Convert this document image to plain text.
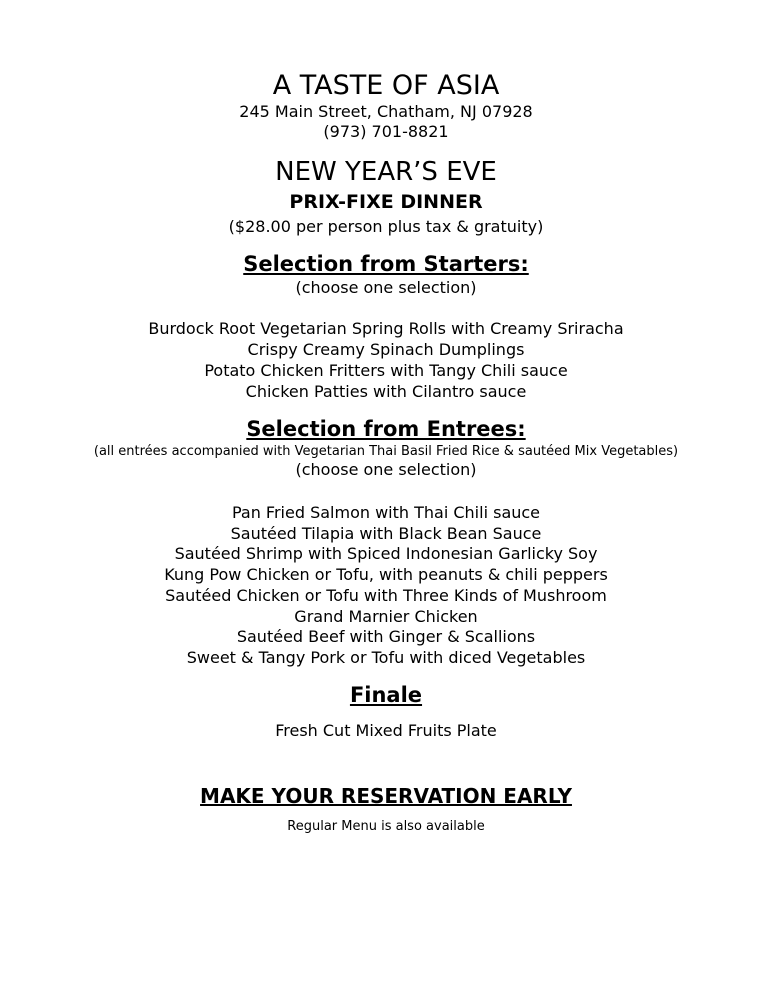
A TASTE OF ASIA
245 Main Street, Chatham, NJ 07928
(973) 701-8821
NEW YEAR’S EVE
PRIX-FIXE DINNER
($28.00 per person plus tax & gratuity)
Selection from Starters:
(choose one selection)
Burdock Root Vegetarian Spring Rolls with Creamy Sriracha
Crispy Creamy Spinach Dumplings
Potato Chicken Fritters with Tangy Chili sauce
Chicken Patties with Cilantro sauce
Selection from Entrees:
(all entrées accompanied with Vegetarian Thai Basil Fried Rice & sautéed Mix Vegetables)
(choose one selection)
Pan Fried Salmon with Thai Chili sauce
Sautéed Tilapia with Black Bean Sauce
Sautéed Shrimp with Spiced Indonesian Garlicky Soy
Kung Pow Chicken or Tofu, with peanuts & chili peppers
Sautéed Chicken or Tofu with Three Kinds of Mushroom
Grand Marnier Chicken
Sautéed Beef with Ginger & Scallions
Sweet & Tangy Pork or Tofu with diced Vegetables
Finale
Fresh Cut Mixed Fruits Plate
MAKE YOUR RESERVATION EARLY
Regular Menu is also available
